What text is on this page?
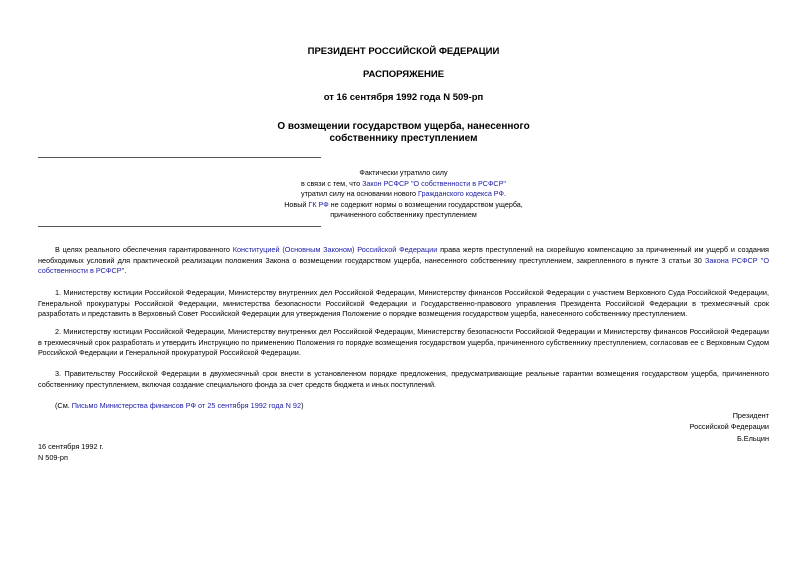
ПРЕЗИДЕНТ РОССИЙСКОЙ ФЕДЕРАЦИИ
РАСПОРЯЖЕНИЕ
от 16 сентября 1992 года N 509-рп
О возмещении государством ущерба, нанесенного
собственнику преступлением
Фактически утратило силу
в связи с тем, что Закон РСФСР "О собственности в РСФСР"
утратил силу на основании нового Гражданского кодекса РФ.
Новый ГК РФ не содержит нормы о возмещении государством ущерба,
причиненного собственнику преступлением
В целях реального обеспечения гарантированного Конституцией (Основным Законом) Российской Федерации права жертв преступлений на скорейшую компенсацию за причиненный им ущерб и создания необходимых условий для практической реализации положения Закона о возмещении государством ущерба, нанесенного собственнику преступлением, закрепленного в пункте 3 статьи 30 Закона РСФСР "О собственности в РСФСР".
1. Министерству юстиции Российской Федерации, Министерству внутренних дел Российской Федерации, Министерству финансов Российской Федерации с участием Верховного Суда Российской Федерации, Генеральной прокуратуры Российской Федерации, министерства безопасности Российской Федерации и Государственно-правового управления Президента Российской Федерации в трехмесячный срок разработать и представить в Верховный Совет Российской Федерации для утверждения Положение о порядке возмещения государством ущерба, нанесенного собственнику преступлением.
2. Министерству юстиции Российской Федерации, Министерству внутренних дел Российской Федерации, Министерству безопасности Российской Федерации и Министерству финансов Российской Федерации в трехмесячный срок разработать и утвердить Инструкцию по применению Положения го порядке возмещения государством ущерба, причиненного субственнику преступлением, согласовав ее с Верховным Судом Российской Федерации и Генеральной прокуратурой Российской Федерации.
3. Правительству Российской Федерации в двухмесячный срок внести в установленном порядке предложения, предусматривающие реальные гарантии возмещения государством ущерба, причиненного собственнику преступлением, включая создание специального фонда за счет средств бюджета и иных поступлений.
(См. Письмо Министерства финансов РФ от 25 сентября 1992 года N 92)
Президент
Российской Федерации
Б.Ельцин
16 сентября 1992 г.
N 509-рп
